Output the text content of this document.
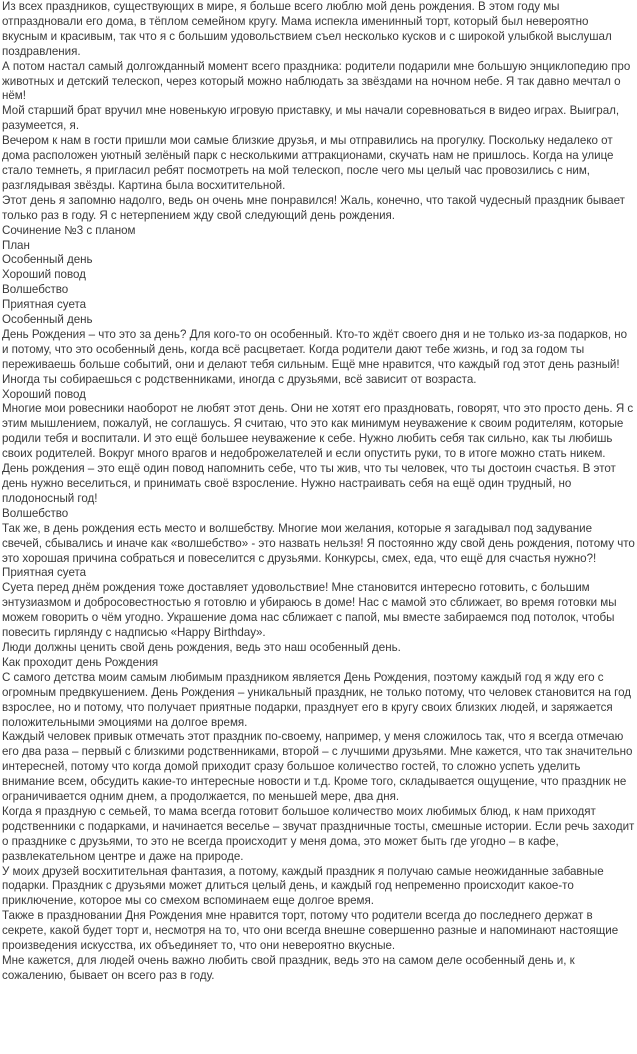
Из всех праздников, существующих в мире, я больше всего люблю мой день рождения. В этом году мы отпраздновали его дома, в тёплом семейном кругу. Мама испекла именинный торт, который был невероятно вкусным и красивым, так что я с большим удовольствием съел несколько кусков и с широкой улыбкой выслушал поздравления.

А потом настал самый долгожданный момент всего праздника: родители подарили мне большую энциклопедию про животных и детский телескоп, через который можно наблюдать за звёздами на ночном небе. Я так давно мечтал о нём!

Мой старший брат вручил мне новенькую игровую приставку, и мы начали соревноваться в видео играх. Выиграл, разумеется, я.

Вечером к нам в гости пришли мои самые близкие друзья, и мы отправились на прогулку. Поскольку недалеко от дома расположен уютный зелёный парк с несколькими аттракционами, скучать нам не пришлось. Когда на улице стало темнеть, я пригласил ребят посмотреть на мой телескоп, после чего мы целый час провозились с ним, разглядывая звёзды. Картина была восхитительной.

Этот день я запомню надолго, ведь он очень мне понравился! Жаль, конечно, что такой чудесный праздник бывает только раз в году. Я с нетерпением жду свой следующий день рождения.

Сочинение №3 с планом

План

Особенный день

Хороший повод

Волшебство

Приятная суета

Особенный день

День Рождения – что это за день? Для кого-то он особенный. Кто-то ждёт своего дня и не только из-за подарков, но и потому, что это особенный день, когда всё расцветает. Когда родители дают тебе жизнь, и год за годом ты переживаешь больше событий, они и делают тебя сильным. Ещё мне нравится, что каждый год этот день разный! Иногда ты собираешься с родственниками, иногда с друзьями, всё зависит от возраста.

Хороший повод

Многие мои ровесники наоборот не любят этот день. Они не хотят его праздновать, говорят, что это просто день. Я с этим мышлением, пожалуй, не соглашусь. Я считаю, что это как минимум неуважение к своим родителям, которые родили тебя и воспитали. И это ещё большее неуважение к себе. Нужно любить себя так сильно, как ты любишь своих родителей. Вокруг много врагов и недоброжелателей и если опустить руки, то в итоге можно стать никем. День рождения – это ещё один повод напомнить себе, что ты жив, что ты человек, что ты достоин счастья. В этот день нужно веселиться, и принимать своё взросление. Нужно настраивать себя на ещё один трудный, но плодоносный год!

Волшебство

Так же, в день рождения есть место и волшебству. Многие мои желания, которые я загадывал под задувание свечей, сбывались и иначе как «волшебство» - это назвать нельзя! Я постоянно жду свой день рождения, потому что это хорошая причина собраться и повеселится с друзьями. Конкурсы, смех, еда, что ещё для счастья нужно?!

Приятная суета

Суета перед днём рождения тоже доставляет удовольствие! Мне становится интересно готовить, с большим энтузиазмом и добросовестностью я готовлю и убираюсь в доме! Нас с мамой это сближает, во время готовки мы можем говорить о чём угодно. Украшение дома нас сближает с папой, мы вместе забираемся под потолок, чтобы повесить гирлянду с надписью «Happy Birthday».

Люди должны ценить свой день рождения, ведь это наш особенный день.

Как проходит день Рождения

С самого детства моим самым любимым праздником является День Рождения, поэтому каждый год я жду его с огромным предвкушением. День Рождения – уникальный праздник, не только потому, что человек становится на год взрослее, но и потому, что получает приятные подарки, празднует его в кругу своих близких людей, и заряжается положительными эмоциями на долгое время.

Каждый человек привык отмечать этот праздник по-своему, например, у меня сложилось так, что я всегда отмечаю его два раза – первый с близкими родственниками, второй – с лучшими друзьями. Мне кажется, что так значительно интересней, потому что когда домой приходит сразу большое количество гостей, то сложно успеть уделить внимание всем, обсудить какие-то интересные новости и т.д. Кроме того, складывается ощущение, что праздник не ограничивается одним днем, а продолжается, по меньшей мере, два дня.

Когда я праздную с семьей, то мама всегда готовит большое количество моих любимых блюд, к нам приходят родственники с подарками, и начинается веселье – звучат праздничные тосты, смешные истории. Если речь заходит о празднике с друзьями, то это не всегда происходит у меня дома, это может быть где угодно – в кафе, развлекательном центре и даже на природе.

У моих друзей восхитительная фантазия, а потому, каждый праздник я получаю самые неожиданные забавные подарки. Праздник с друзьями может длиться целый день, и каждый год непременно происходит какое-то приключение, которое мы со смехом вспоминаем еще долгое время.

Также в праздновании Дня Рождения мне нравится торт, потому что родители всегда до последнего держат в секрете, какой будет торт и, несмотря на то, что они всегда внешне совершенно разные и напоминают настоящие произведения искусства, их объединяет то, что они невероятно вкусные.

Мне кажется, для людей очень важно любить свой праздник, ведь это на самом деле особенный день и, к сожалению, бывает он всего раз в году.
